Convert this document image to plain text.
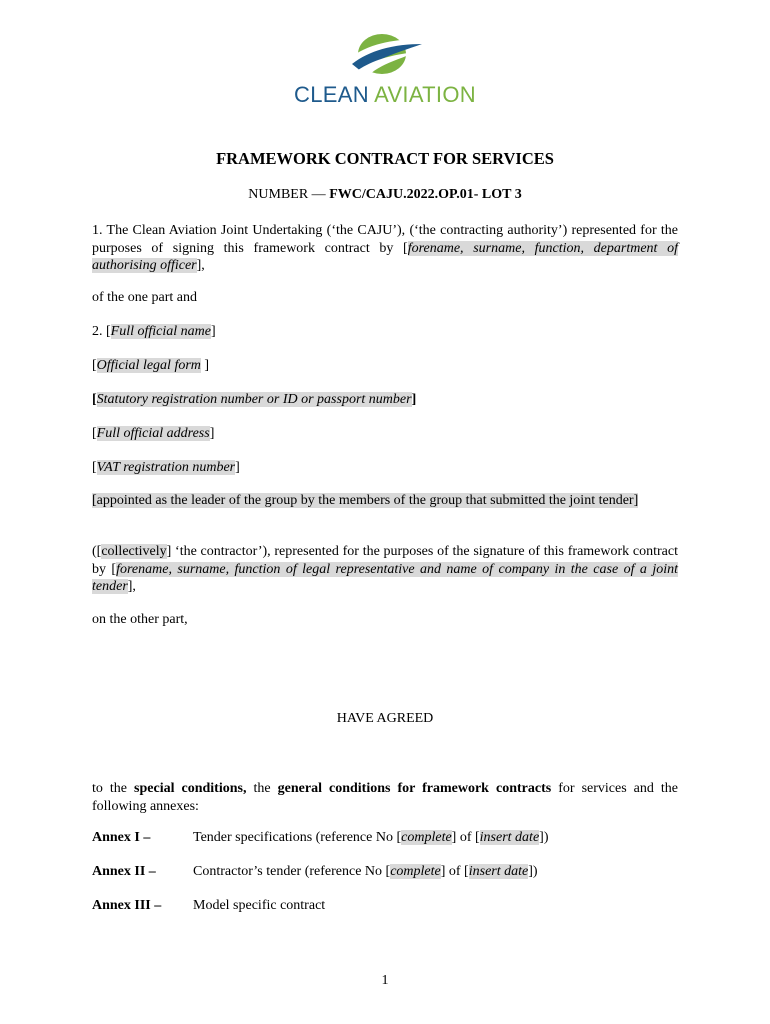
CLEAN AVIATION
FRAMEWORK CONTRACT FOR SERVICES
NUMBER — FWC/CAJU.2022.OP.01- LOT 3
1. The Clean Aviation Joint Undertaking (‘the CAJU’), (‘the contracting authority’) represented for the purposes of signing this framework contract by [forename, surname, function, department of authorising officer],
of the one part and
2. [Full official name]
[Official legal form ]
[Statutory registration number or ID or passport number]
[Full official address]
[VAT registration number]
[appointed as the leader of the group by the members of the group that submitted the joint tender]
([collectively] ‘the contractor’), represented for the purposes of the signature of this framework contract by [forename, surname, function of legal representative and name of company in the case of a joint tender],
on the other part,
HAVE AGREED
to the special conditions, the general conditions for framework contracts for services and the following annexes:
Annex I –	Tender specifications (reference No [complete] of [insert date])
Annex II –	Contractor’s tender (reference No [complete] of [insert date])
Annex III – Model specific contract
1
